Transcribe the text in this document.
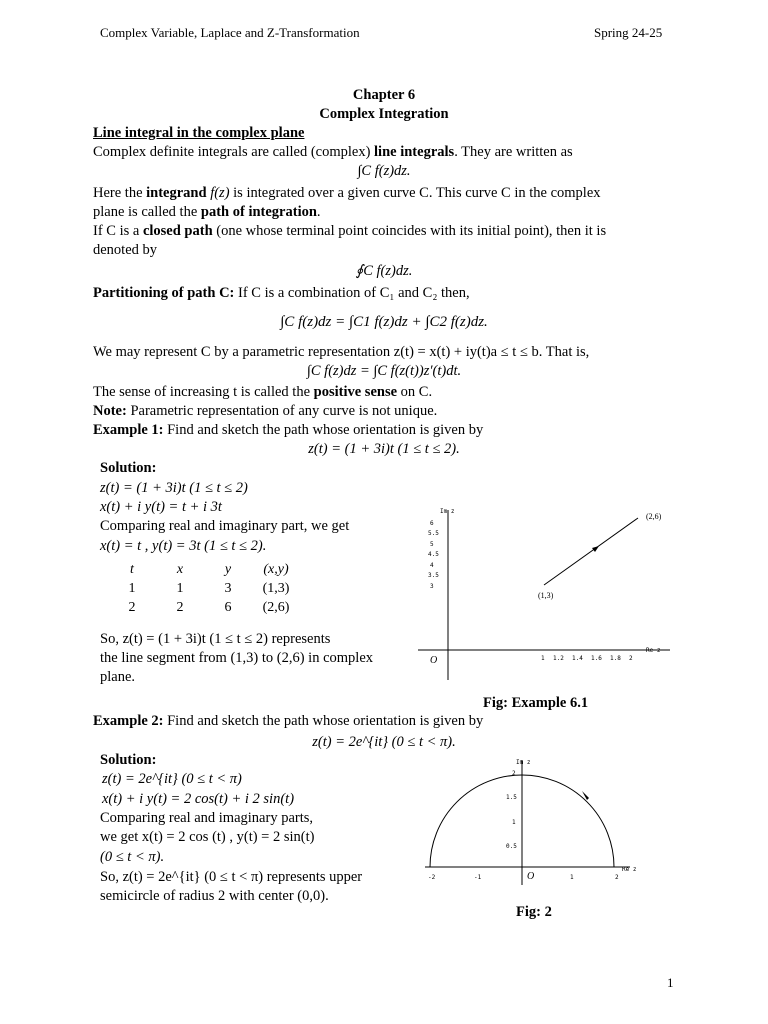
Complex Variable, Laplace and Z-Transformation	Spring 24-25
Chapter 6
Complex Integration
Line integral in the complex plane
Complex definite integrals are called (complex) line integrals. They are written as
∫C f(z)dz.
Here the integrand f(z) is integrated over a given curve C. This curve C in the complex
plane is called the path of integration.
If C is a closed path (one whose terminal point coincides with its initial point), then it is
denoted by
∮C f(z)dz.
Partitioning of path C: If C is a combination of C₁ and C₂ then,
∫C f(z)dz = ∫C1 f(z)dz + ∫C2 f(z)dz.
We may represent C by a parametric representation z(t) = x(t) + iy(t)a ≤ t ≤ b. That is,
∫C f(z)dz = ∫C f(z(t))z′(t)dt.
The sense of increasing t is called the positive sense on C.
Note: Parametric representation of any curve is not unique.
Example 1: Find and sketch the path whose orientation is given by
z(t) = (1 + 3i)t (1 ≤ t ≤ 2).
Solution:
z(t) = (1 + 3i)t (1 ≤ t ≤ 2)
x(t) + i y(t) = t + i 3t
Comparing real and imaginary part, we get
x(t) = t , y(t) = 3t (1 ≤ t ≤ 2).
t	x	y	(x,y)
1	1	3	(1,3)
2	2	6	(2,6)
So, z(t) = (1 + 3i)t (1 ≤ t ≤ 2) represents
the line segment from (1,3) to (2,6) in complex
plane.
Im z
Re z
O
3
3.5
4
4.5
5
5.5
6
1 1.2 1.4 1.6 1.8 2
(1,3)
(2,6)
Fig: Example 6.1
Example 2: Find and sketch the path whose orientation is given by
z(t) = 2e^{it} (0 ≤ t < π).
Solution:
z(t) = 2e^{it} (0 ≤ t < π)
x(t) + i y(t) = 2 cos(t) + i 2 sin(t)
Comparing real and imaginary parts,
we get x(t) = 2 cos (t) , y(t) = 2 sin(t)
(0 ≤ t < π).
So, z(t) = 2e^{it} (0 ≤ t < π) represents upper
semicircle of radius 2 with center (0,0).
Im z
Re z
O
0.5
1
1.5
2
-2	-1	1	2
Fig: 2
1
